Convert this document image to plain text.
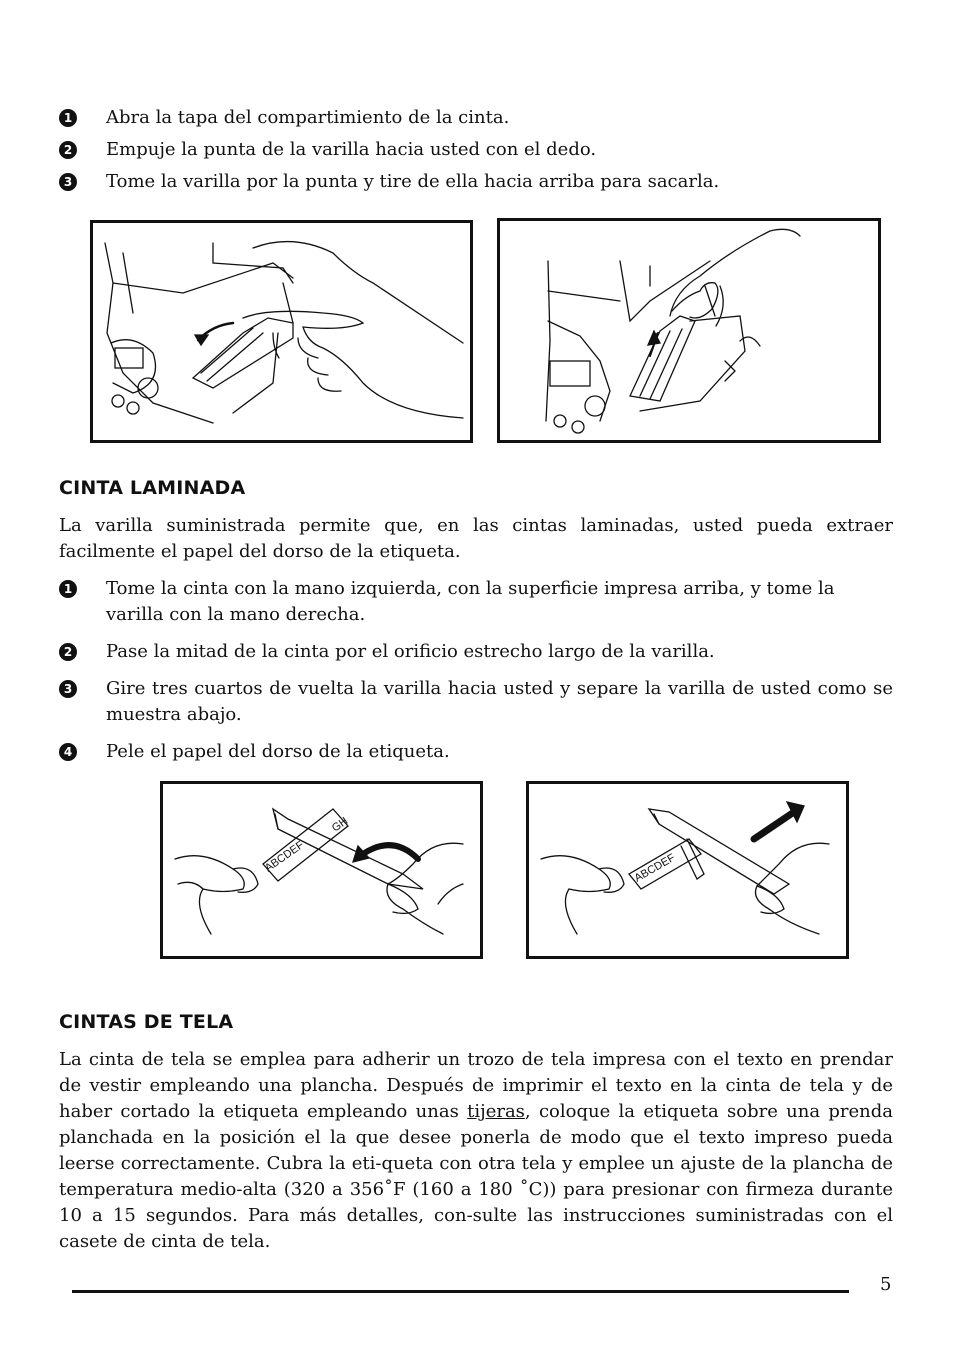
1 Abra la tapa del compartimiento de la cinta.
2 Empuje la punta de la varilla hacia usted con el dedo.
3 Tome la varilla por la punta y tire de ella hacia arriba para sacarla.
CINTA LAMINADA

La varilla suministrada permite que, en las cintas laminadas, usted pueda extraer facilmente el papel del dorso de la etiqueta.

1 Tome la cinta con la mano izquierda, con la superficie impresa arriba, y tome la varilla con la mano derecha.
2 Pase la mitad de la cinta por el orificio estrecho largo de la varilla.
3 Gire tres cuartos de vuelta la varilla hacia usted y separe la varilla de usted como se muestra abajo.
4 Pele el papel del dorso de la etiqueta.
ABCDEF
GH
ABCDEF
CINTAS DE TELA

La cinta de tela se emplea para adherir un trozo de tela impresa con el texto en prendar de vestir empleando una plancha. Después de imprimir el texto en la cinta de tela y de haber cortado la etiqueta empleando unas tijeras, coloque la etiqueta sobre una prenda planchada en la posición el la que desee ponerla de modo que el texto impreso pueda leerse correctamente. Cubra la eti-queta con otra tela y emplee un ajuste de la plancha de temperatura medio-alta (320 a 356˚F (160 a 180 ˚C)) para presionar con firmeza durante 10 a 15 segundos. Para más detalles, con-sulte las instrucciones suministradas con el casete de cinta de tela.

5
